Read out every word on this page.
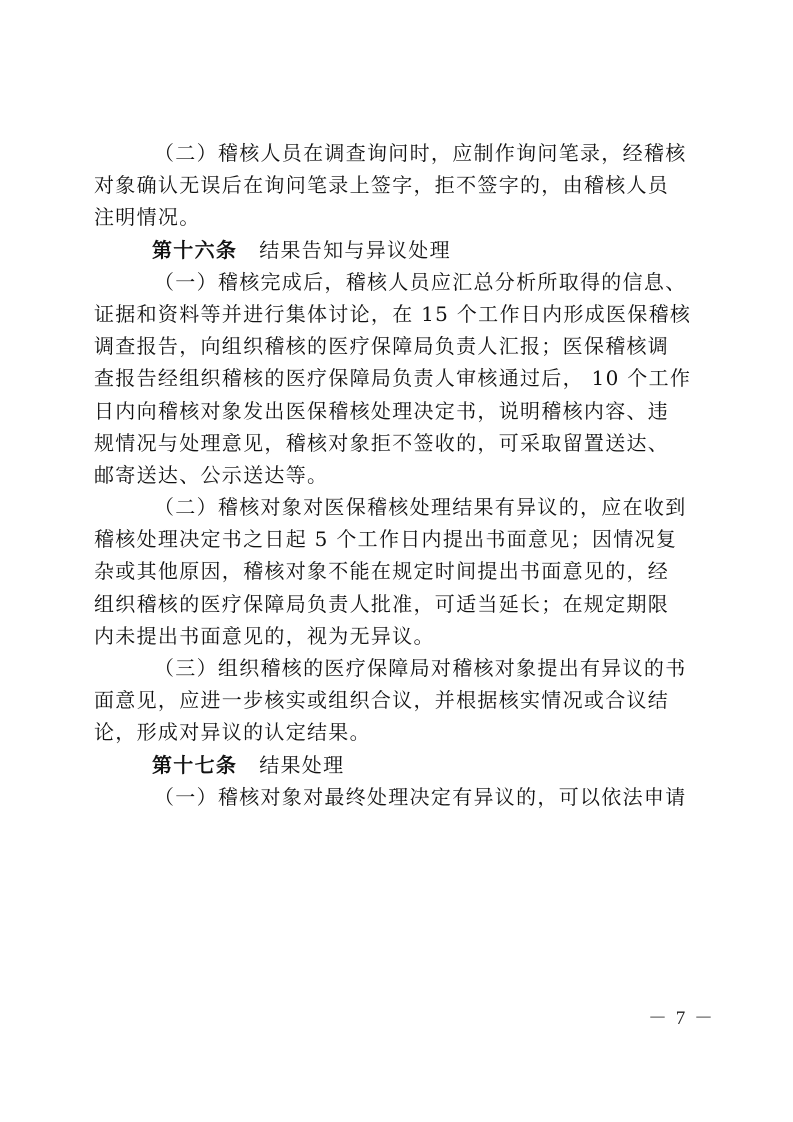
（二）稽核人员在调查询问时，应制作询问笔录，经稽核
对象确认无误后在询问笔录上签字，拒不签字的，由稽核人员
注明情况。
第十六条 结果告知与异议处理
（一）稽核完成后，稽核人员应汇总分析所取得的信息、
证据和资料等并进行集体讨论，在 15 个工作日内形成医保稽核
调查报告，向组织稽核的医疗保障局负责人汇报；医保稽核调
查报告经组织稽核的医疗保障局负责人审核通过后， 10 个工作
日内向稽核对象发出医保稽核处理决定书，说明稽核内容、违
规情况与处理意见，稽核对象拒不签收的，可采取留置送达、
邮寄送达、公示送达等。
（二）稽核对象对医保稽核处理结果有异议的，应在收到
稽核处理决定书之日起 5 个工作日内提出书面意见；因情况复
杂或其他原因，稽核对象不能在规定时间提出书面意见的，经
组织稽核的医疗保障局负责人批准，可适当延长；在规定期限
内未提出书面意见的，视为无异议。
（三）组织稽核的医疗保障局对稽核对象提出有异议的书
面意见，应进一步核实或组织合议，并根据核实情况或合议结
论，形成对异议的认定结果。
第十七条 结果处理
（一）稽核对象对最终处理决定有异议的，可以依法申请
－ 7 －
